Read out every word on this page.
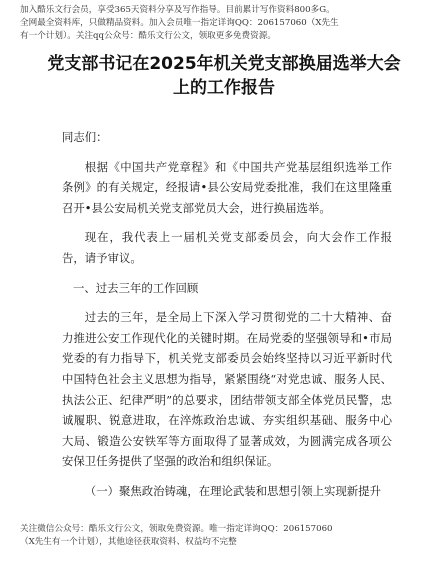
加入酷乐文行会员，享受365天资料分享及写作指导。目前累计写作资料800多G。
全网最全资料库，只做精品资料。加入会员唯一指定详询QQ：206157060（X先生
有一个计划）。关注qq公众号：酷乐文行公文，领取更多免费资源。
党支部书记在2025年机关党支部换届选举大会
上的工作报告

同志们：

根据《中国共产党章程》和《中国共产党基层组织选举工作条例》的有关规定，经报请•县公安局党委批准，我们在这里隆重召开•县公安局机关党支部党员大会，进行换届选举。

现在，我代表上一届机关党支部委员会，向大会作工作报告，请予审议。

一、过去三年的工作回顾

过去的三年，是全局上下深入学习贯彻党的二十大精神、奋力推进公安工作现代化的关键时期。在局党委的坚强领导和•市局党委的有力指导下，机关党支部委员会始终坚持以习近平新时代中国特色社会主义思想为指导，紧紧围绕“对党忠诚、服务人民、执法公正、纪律严明”的总要求，团结带领支部全体党员民警，忠诚履职、锐意进取，在淬炼政治忠诚、夯实组织基础、服务中心大局、锻造公安铁军等方面取得了显著成效，为圆满完成各项公安保卫任务提供了坚强的政治和组织保证。

（一）聚焦政治铸魂，在理论武装和思想引领上实现新提升

关注微信公众号：酷乐文行公文，领取免费资源。唯一指定详询QQ：206157060
（X先生有一个计划），其他途径获取资料、权益均不完整
